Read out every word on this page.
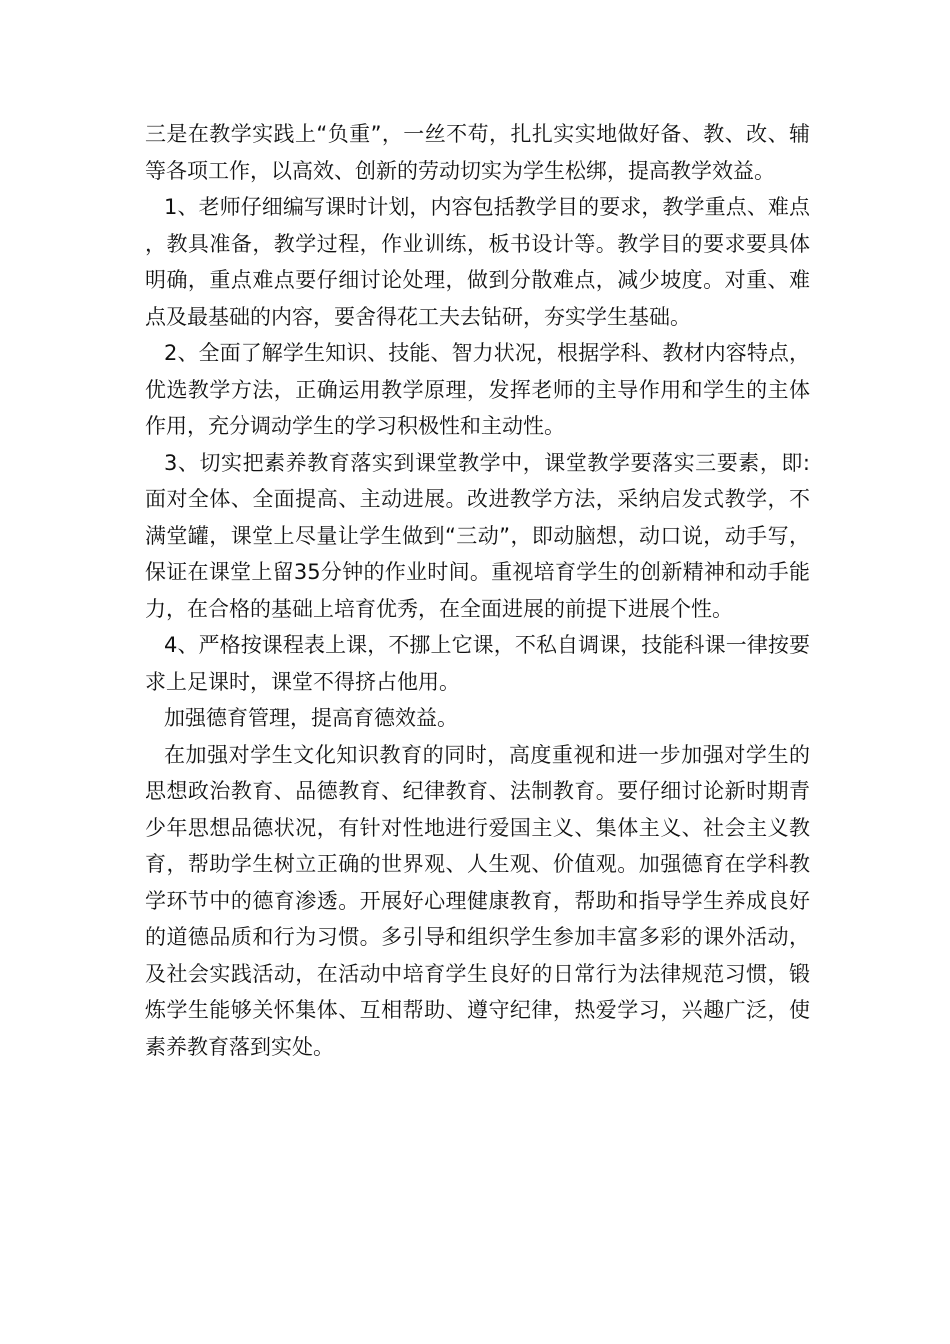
三是在教学实践上“负重”，一丝不苟，扎扎实实地做好备、教、改、辅等各项工作，以高效、创新的劳动切实为学生松绑，提高教学效益。

1、老师仔细编写课时计划，内容包括教学目的要求，教学重点、难点，教具准备，教学过程，作业训练，板书设计等。教学目的要求要具体明确，重点难点要仔细讨论处理，做到分散难点，减少坡度。对重、难点及最基础的内容，要舍得花工夫去钻研，夯实学生基础。

2、全面了解学生知识、技能、智力状况，根据学科、教材内容特点，优选教学方法，正确运用教学原理，发挥老师的主导作用和学生的主体作用，充分调动学生的学习积极性和主动性。

3、切实把素养教育落实到课堂教学中，课堂教学要落实三要素，即:面对全体、全面提高、主动进展。改进教学方法，采纳启发式教学，不满堂罐，课堂上尽量让学生做到“三动”，即动脑想，动口说，动手写，保证在课堂上留35分钟的作业时间。重视培育学生的创新精神和动手能力，在合格的基础上培育优秀，在全面进展的前提下进展个性。

4、严格按课程表上课，不挪上它课，不私自调课，技能科课一律按要求上足课时，课堂不得挤占他用。

加强德育管理，提高育德效益。

在加强对学生文化知识教育的同时，高度重视和进一步加强对学生的思想政治教育、品德教育、纪律教育、法制教育。要仔细讨论新时期青少年思想品德状况，有针对性地进行爱国主义、集体主义、社会主义教育，帮助学生树立正确的世界观、人生观、价值观。加强德育在学科教学环节中的德育渗透。开展好心理健康教育，帮助和指导学生养成良好的道德品质和行为习惯。多引导和组织学生参加丰富多彩的课外活动，及社会实践活动，在活动中培育学生良好的日常行为法律规范习惯，锻炼学生能够关怀集体、互相帮助、遵守纪律，热爱学习，兴趣广泛，使素养教育落到实处。
